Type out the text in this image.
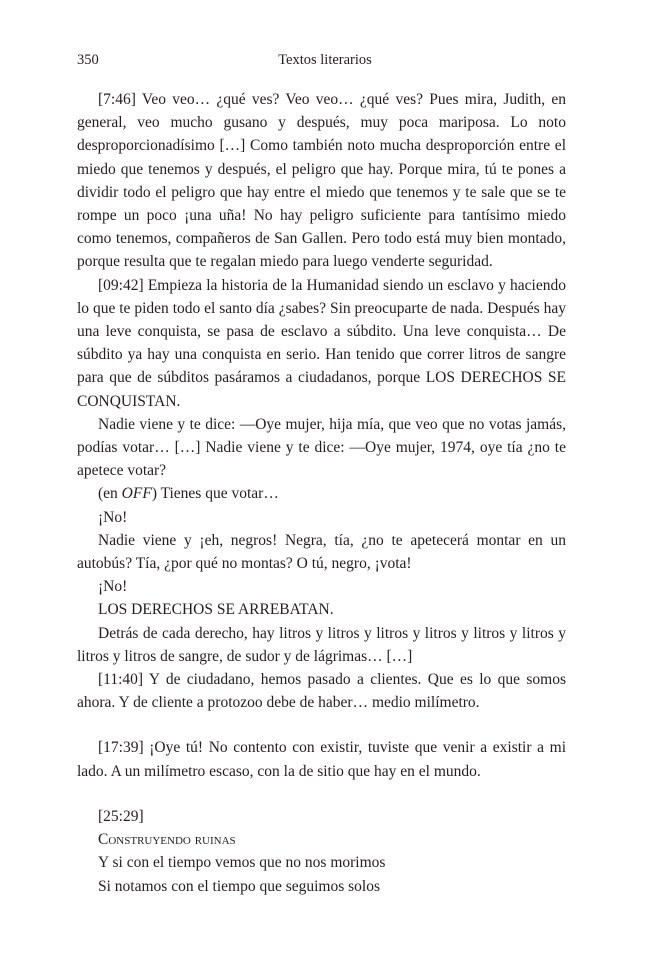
350	Textos literarios

[7:46] Veo veo… ¿qué ves? Veo veo… ¿qué ves? Pues mira, Judith, en general, veo mucho gusano y después, muy poca mariposa. Lo noto desproporcionadísimo […] Como también noto mucha desproporción entre el miedo que tenemos y después, el peligro que hay. Porque mira, tú te pones a dividir todo el peligro que hay entre el miedo que tenemos y te sale que se te rompe un poco ¡una uña! No hay peligro suficiente para tantísimo miedo como tenemos, compañeros de San Gallen. Pero todo está muy bien montado, porque resulta que te regalan miedo para luego venderte seguridad.

[09:42] Empieza la historia de la Humanidad siendo un esclavo y haciendo lo que te piden todo el santo día ¿sabes? Sin preocuparte de nada. Después hay una leve conquista, se pasa de esclavo a súbdito. Una leve conquista… De súbdito ya hay una conquista en serio. Han tenido que correr litros de sangre para que de súbditos pasáramos a ciudadanos, porque LOS DERECHOS SE CONQUISTAN.

Nadie viene y te dice: —Oye mujer, hija mía, que veo que no votas jamás, podías votar… […] Nadie viene y te dice: —Oye mujer, 1974, oye tía ¿no te apetece votar?

(en OFF) Tienes que votar…

¡No!

Nadie viene y ¡eh, negros! Negra, tía, ¿no te apetecerá montar en un autobús? Tía, ¿por qué no montas? O tú, negro, ¡vota!

¡No!

LOS DERECHOS SE ARREBATAN.

Detrás de cada derecho, hay litros y litros y litros y litros y litros y litros y litros y litros de sangre, de sudor y de lágrimas… […]

[11:40] Y de ciudadano, hemos pasado a clientes. Que es lo que somos ahora. Y de cliente a protozoo debe de haber… medio milímetro.

[17:39] ¡Oye tú! No contento con existir, tuviste que venir a existir a mi lado. A un milímetro escaso, con la de sitio que hay en el mundo.

[25:29]

Construyendo ruinas

Y si con el tiempo vemos que no nos morimos

Si notamos con el tiempo que seguimos solos
